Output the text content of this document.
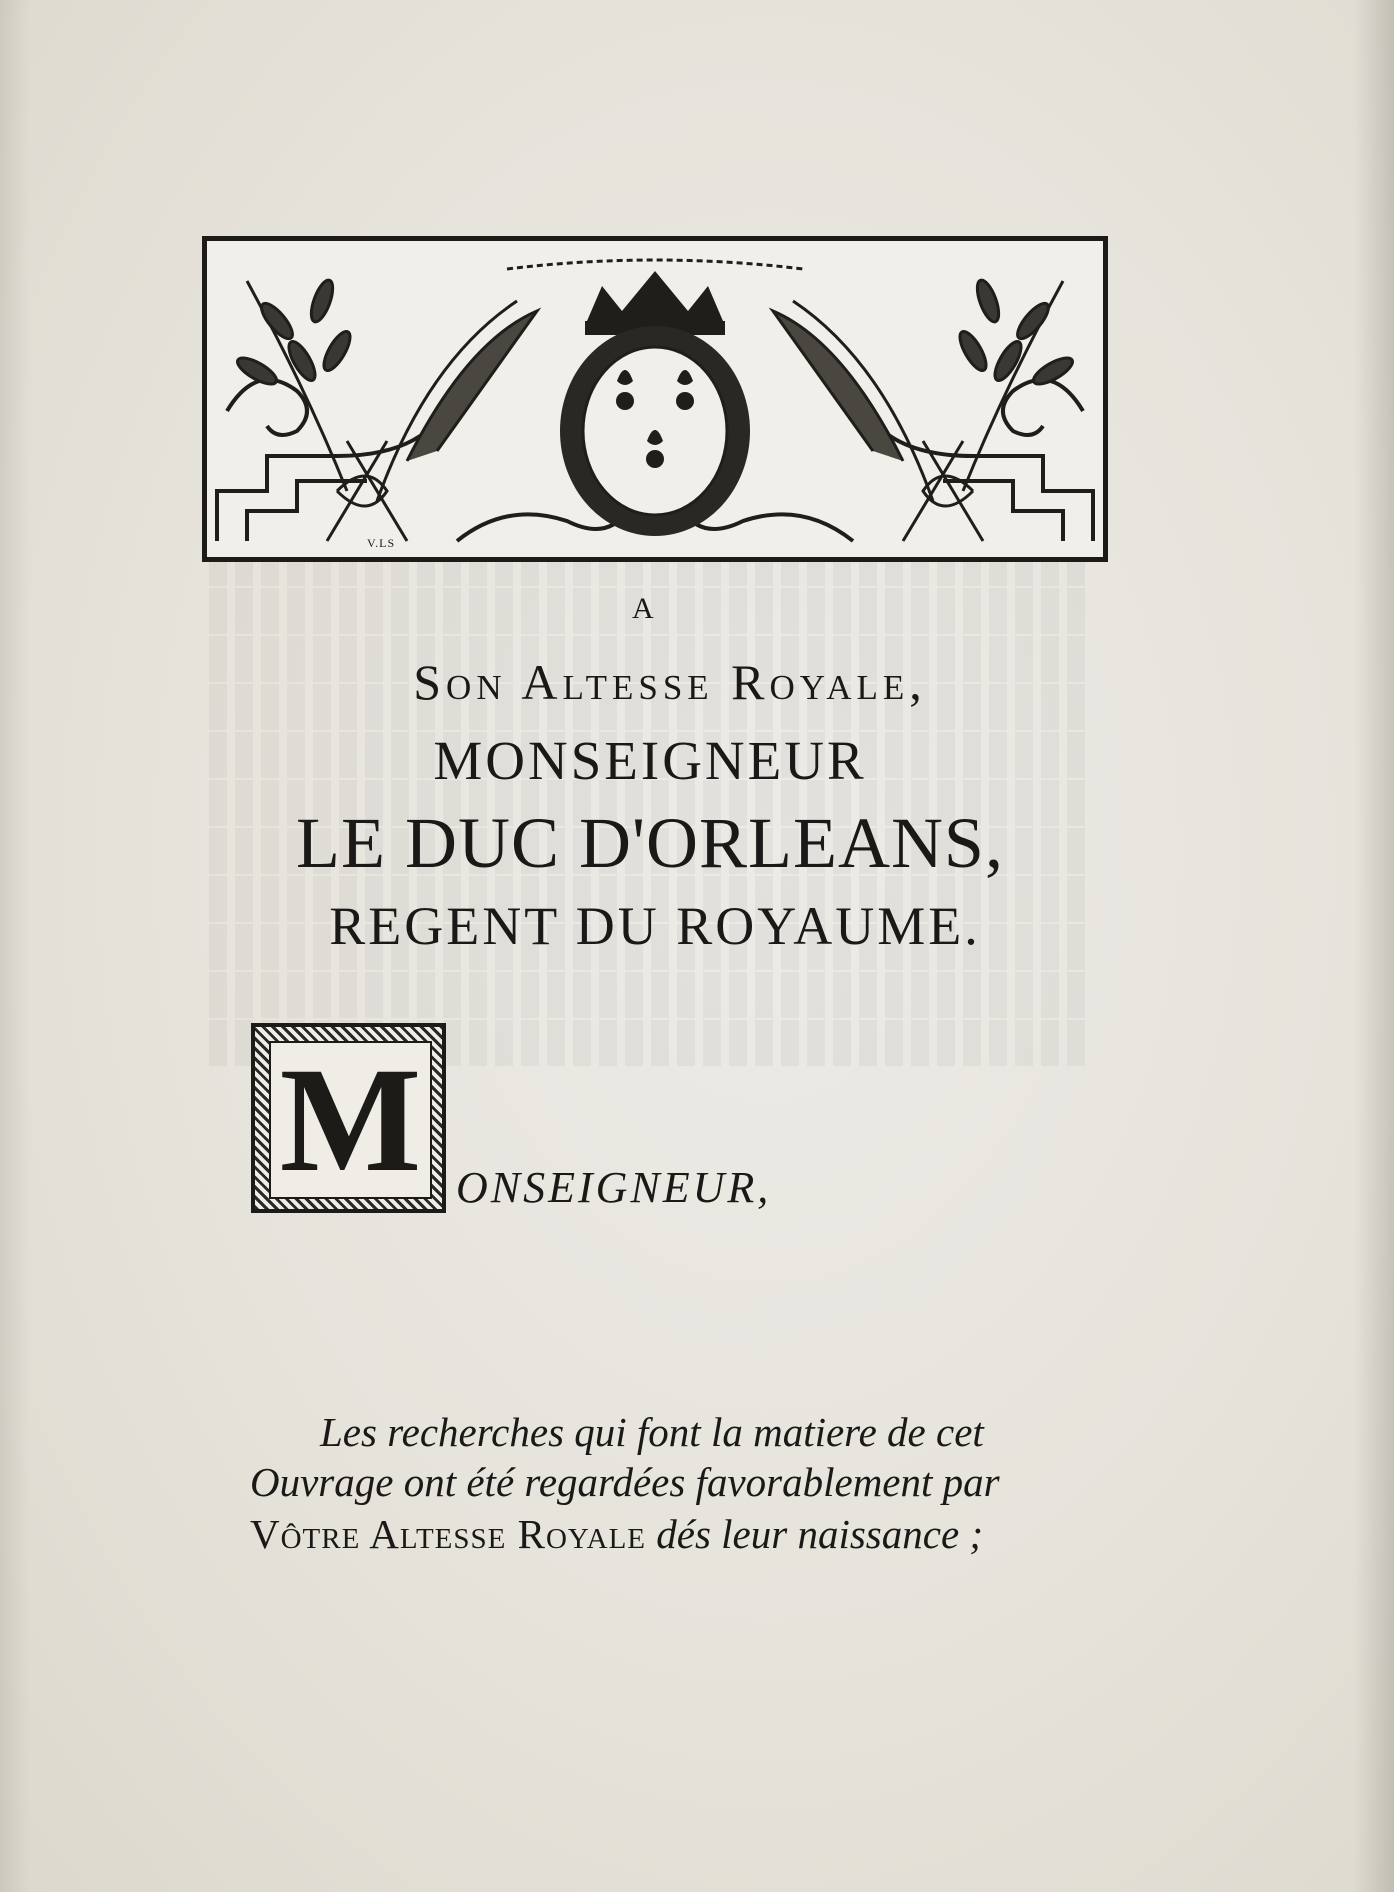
V.LS
A
Son Altesse Royale,
MONSEIGNEUR
LE DUC D'ORLEANS,
REGENT DU ROYAUME.
M ONSEIGNEUR,
Les recherches qui font la matiere de cet
Ouvrage ont été regardées favorablement par
Vôtre Altesse Royale dés leur naissance ;
